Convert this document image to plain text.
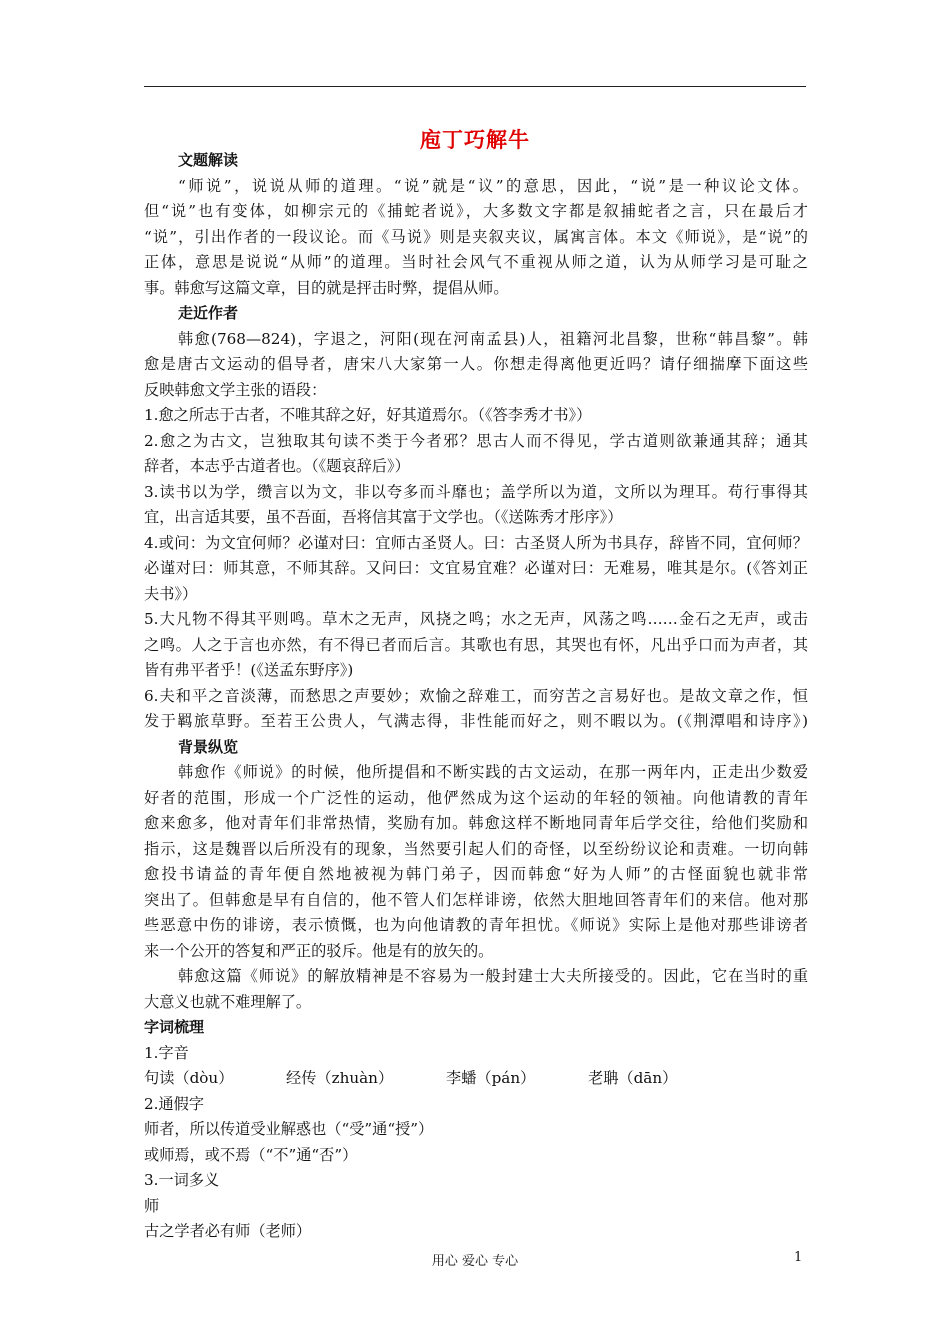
庖丁巧解牛
文题解读
“师说”，说说从师的道理。“说”就是“议”的意思，因此，“说”是一种议论文体。
但“说”也有变体，如柳宗元的《捕蛇者说》，大多数文字都是叙捕蛇者之言，只在最后才
“说”，引出作者的一段议论。而《马说》则是夹叙夹议，属寓言体。本文《师说》，是“说”的
正体，意思是说说“从师”的道理。当时社会风气不重视从师之道，认为从师学习是可耻之
事。韩愈写这篇文章，目的就是抨击时弊，提倡从师。
走近作者
韩愈(768—824)，字退之，河阳(现在河南孟县)人，祖籍河北昌黎，世称“韩昌黎”。韩
愈是唐古文运动的倡导者，唐宋八大家第一人。你想走得离他更近吗？请仔细揣摩下面这些
反映韩愈文学主张的语段：
1.愈之所志于古者，不唯其辞之好，好其道焉尔。（《答李秀才书》）
2.愈之为古文，岂独取其句读不类于今者邪？思古人而不得见，学古道则欲兼通其辞；通其
辞者，本志乎古道者也。（《题哀辞后》）
3.读书以为学，缵言以为文，非以夸多而斗靡也；盖学所以为道，文所以为理耳。苟行事得其
宜，出言适其要，虽不吾面，吾将信其富于文学也。（《送陈秀才彤序》）
4.或问：为文宜何师？必谨对曰：宜师古圣贤人。曰：古圣贤人所为书具存，辞皆不同，宜何师？
必谨对曰：师其意，不师其辞。又问曰：文宜易宜难？必谨对曰：无难易，唯其是尔。(《答刘正
夫书》）
5.大凡物不得其平则鸣。草木之无声，风挠之鸣；水之无声，风荡之鸣……金石之无声，或击
之鸣。人之于言也亦然，有不得已者而后言。其歌也有思，其哭也有怀，凡出乎口而为声者，其
皆有弗平者乎！(《送孟东野序》)
6.夫和平之音淡薄，而愁思之声要妙；欢愉之辞难工，而穷苦之言易好也。是故文章之作，恒
发于羁旅草野。至若王公贵人，气满志得，非性能而好之，则不暇以为。(《荆潭唱和诗序》)
背景纵览
韩愈作《师说》的时候，他所提倡和不断实践的古文运动，在那一两年内，正走出少数爱
好者的范围，形成一个广泛性的运动，他俨然成为这个运动的年轻的领袖。向他请教的青年
愈来愈多，他对青年们非常热情，奖励有加。韩愈这样不断地同青年后学交往，给他们奖励和
指示，这是魏晋以后所没有的现象，当然要引起人们的奇怪，以至纷纷议论和责难。一切向韩
愈投书请益的青年便自然地被视为韩门弟子，因而韩愈“好为人师”的古怪面貌也就非常
突出了。但韩愈是早有自信的，他不管人们怎样诽谤，依然大胆地回答青年们的来信。他对那
些恶意中伤的诽谤，表示愤慨，也为向他请教的青年担忧。《师说》实际上是他对那些诽谤者
来一个公开的答复和严正的驳斥。他是有的放矢的。
韩愈这篇《师说》的解放精神是不容易为一般封建士大夫所接受的。因此，它在当时的重
大意义也就不难理解了。
字词梳理
1.字音

句读（dòu）

	经传（zhuàn）

	李蟠（pán）

	老聃（dān）

2.通假字
师者，所以传道受业解惑也（“受”通“授”）
或师焉，或不焉（“不”通“否”）
3.一词多义
师
古之学者必有师（老师）
用心 爱心 专心	1
